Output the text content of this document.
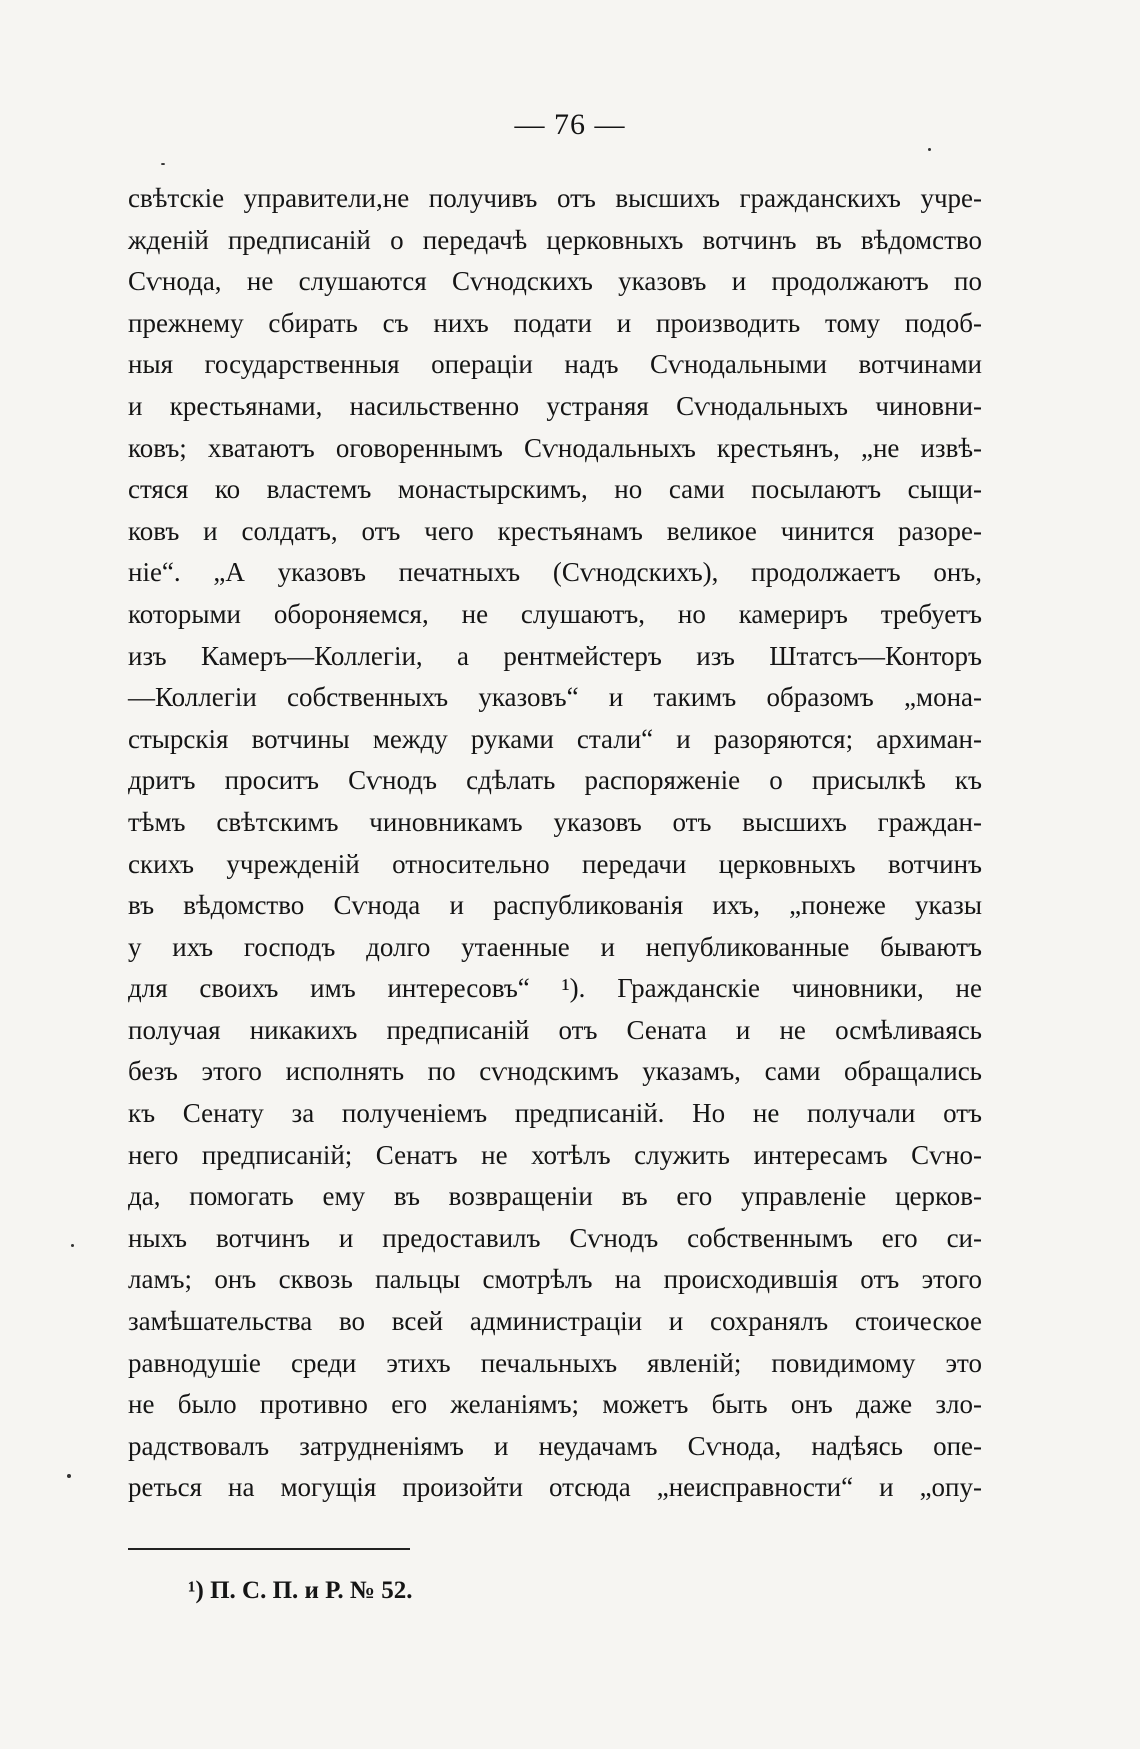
— 76 —
свѣтскіе управители,не получивъ отъ высшихъ гражданскихъ учре-
жденій предписаній о передачѣ церковныхъ вотчинъ въ вѣдомство
Сѵнода, не слушаются Сѵнодскихъ указовъ и продолжаютъ по
прежнему сбирать съ нихъ подати и производить тому подоб-
ныя государственныя операціи надъ Сѵнодальными вотчинами
и крестьянами, насильственно устраняя Сѵнодальныхъ чиновни-
ковъ; хватаютъ оговореннымъ Сѵнодальныхъ крестьянъ, „не извѣ-
стяся ко властемъ монастырскимъ, но сами посылаютъ сыщи-
ковъ и солдатъ, отъ чего крестьянамъ великое чинится разоре-
ніе“. „А указовъ печатныхъ (Сѵнодскихъ), продолжаетъ онъ,
которыми обороняемся, не слушаютъ, но камериръ требуетъ
изъ Камеръ—Коллегіи, а рентмейстеръ изъ Штатсъ—Конторъ
—Коллегіи собственныхъ указовъ“ и такимъ образомъ „мона-
стырскія вотчины между руками стали“ и разоряются; архиман-
дритъ проситъ Сѵнодъ сдѣлать распоряженіе о присылкѣ къ
тѣмъ свѣтскимъ чиновникамъ указовъ отъ высшихъ граждан-
скихъ учрежденій относительно передачи церковныхъ вотчинъ
въ вѣдомство Сѵнода и распубликованія ихъ, „понеже указы
у ихъ господъ долго утаенные и непубликованные бываютъ
для своихъ имъ интересовъ“ ¹). Гражданскіе чиновники, не
получая никакихъ предписаній отъ Сената и не осмѣливаясь
безъ этого исполнять по сѵнодскимъ указамъ, сами обращались
къ Сенату за полученіемъ предписаній. Но не получали отъ
него предписаній; Сенатъ не хотѣлъ служить интересамъ Сѵно-
да, помогать ему въ возвращеніи въ его управленіе церков-
ныхъ вотчинъ и предоставилъ Сѵнодъ собственнымъ его си-
ламъ; онъ сквозь пальцы смотрѣлъ на происходившія отъ этого
замѣшательства во всей администраціи и сохранялъ стоическое
равнодушіе среди этихъ печальныхъ явленій; повидимому это
не было противно его желаніямъ; можетъ быть онъ даже зло-
радствовалъ затрудненіямъ и неудачамъ Сѵнода, надѣясь опе-
реться на могущія произойти отсюда „неисправности“ и „опу-
¹) П. С. П. и Р. № 52.
